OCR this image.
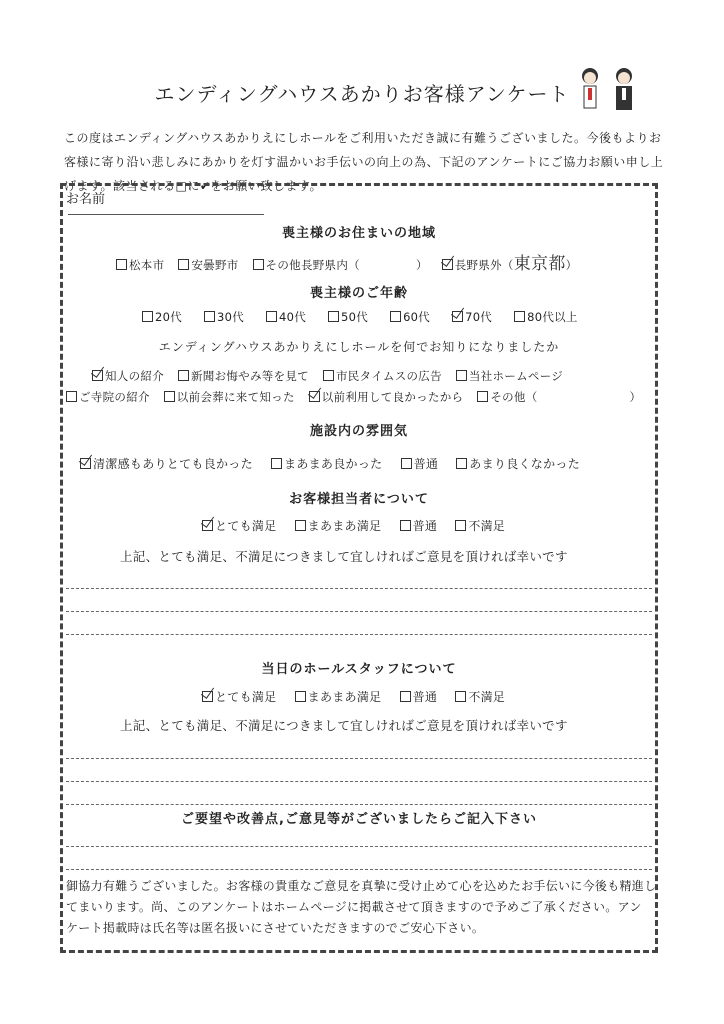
エンディングハウスあかりお客様アンケート
この度はエンディングハウスあかりえにしホールをご利用いただき誠に有難うございました。今後もよりお
客様に寄り沿い悲しみにあかりを灯す温かいお手伝いの向上の為、下記のアンケートにご協力お願い申し上
げます。該当される□に✔をお願い致します。
お名前
喪主様のお住まいの地域
松本市 安曇野市 その他長野県内（	） 長野県外（東京都）
喪主様のご年齢
20代	30代	40代	50代	60代	70代	80代以上
エンディングハウスあかりえにしホールを何でお知りになりましたか
知人の紹介 新聞お悔やみ等を見て 市民タイムスの広告 当社ホームページ
ご寺院の紹介 以前会葬に来て知った 以前利用して良かったから その他（	）
施設内の雰囲気
清潔感もありとても良かった	まあまあ良かった	普通	あまり良くなかった
お客様担当者について
とても満足	まあまあ満足	普通	不満足
上記、とても満足、不満足につきまして宜しければご意見を頂ければ幸いです
当日のホールスタッフについて
とても満足	まあまあ満足	普通	不満足
上記、とても満足、不満足につきまして宜しければご意見を頂ければ幸いです
ご要望や改善点,ご意見等がございましたらご記入下さい
御協力有難うございました。お客様の貴重なご意見を真摯に受け止めて心を込めたお手伝いに今後も精進し
てまいります。尚、このアンケートはホームページに掲載させて頂きますので予めご了承ください。アン
ケート掲載時は氏名等は匿名扱いにさせていただきますのでご安心下さい。
